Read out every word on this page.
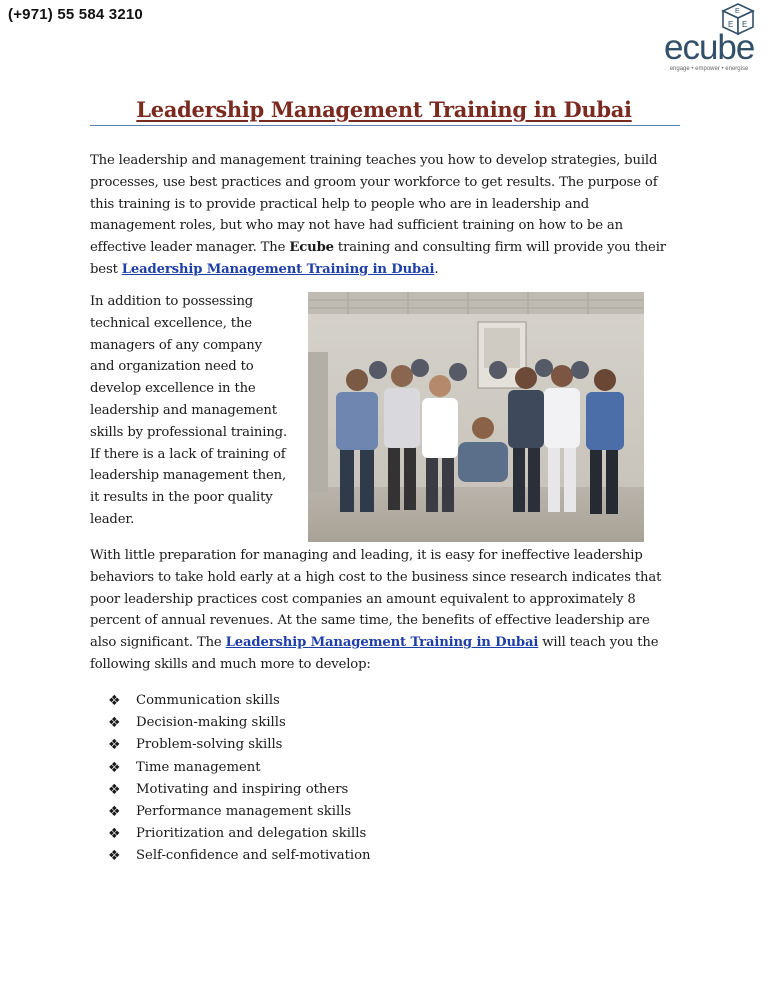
(+971) 55 584 3210	E
E E
ecube
engage • empower • energise
Leadership Management Training in Dubai
The leadership and management training teaches you how to develop strategies, build processes, use best practices and groom your workforce to get results. The purpose of this training is to provide practical help to people who are in leadership and management roles, but who may not have had sufficient training on how to be an effective leader manager. The Ecube training and consulting firm will provide you their best Leadership Management Training in Dubai.
In addition to possessing technical excellence, the managers of any company and organization need to develop excellence in the leadership and management skills by professional training. If there is a lack of training of leadership management then, it results in the poor quality leader.
With little preparation for managing and leading, it is easy for ineffective leadership behaviors to take hold early at a high cost to the business since research indicates that poor leadership practices cost companies an amount equivalent to approximately 8 percent of annual revenues. At the same time, the benefits of effective leadership are also significant. The Leadership Management Training in Dubai will teach you the following skills and much more to develop:
❖	Communication skills
❖	Decision-making skills
❖	Problem-solving skills
❖	Time management
❖	Motivating and inspiring others
❖	Performance management skills
❖	Prioritization and delegation skills
❖	Self-confidence and self-motivation
